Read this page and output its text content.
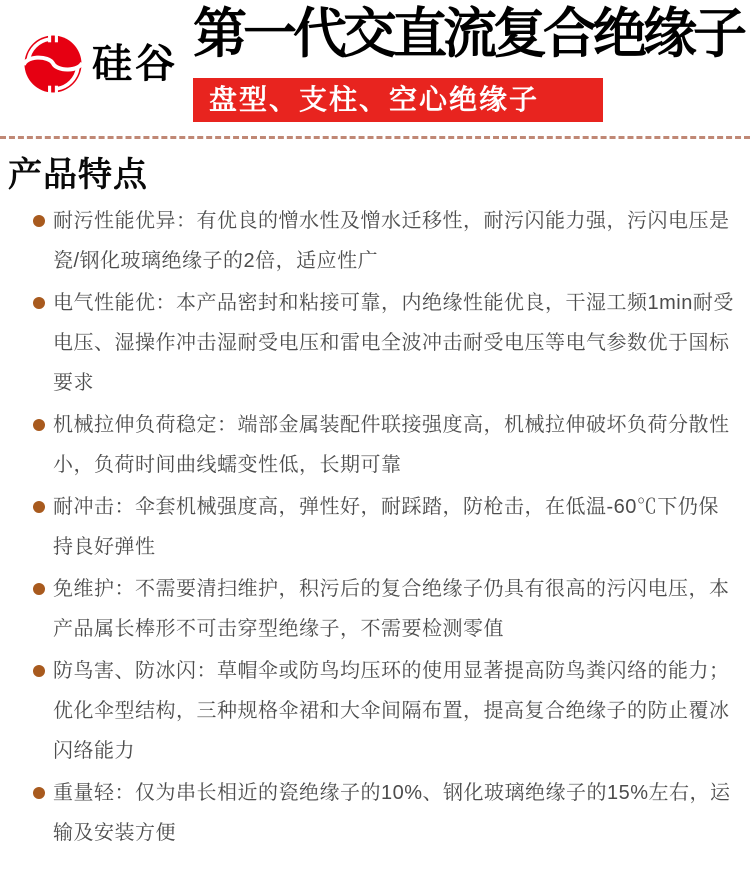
硅谷 第一代交直流复合绝缘子
盘型、支柱、空心绝缘子
产品特点
耐污性能优异：有优良的憎水性及憎水迁移性，耐污闪能力强，污闪电压是
瓷/钢化玻璃绝缘子的2倍，适应性广
电气性能优：本产品密封和粘接可靠，内绝缘性能优良，干湿工频1min耐受
电压、湿操作冲击湿耐受电压和雷电全波冲击耐受电压等电气参数优于国标
要求
机械拉伸负荷稳定：端部金属装配件联接强度高，机械拉伸破坏负荷分散性
小，负荷时间曲线蠕变性低，长期可靠
耐冲击：伞套机械强度高，弹性好，耐踩踏，防枪击，在低温-60℃下仍保
持良好弹性
免维护：不需要清扫维护，积污后的复合绝缘子仍具有很高的污闪电压，本
产品属长棒形不可击穿型绝缘子，不需要检测零值
防鸟害、防冰闪：草帽伞或防鸟均压环的使用显著提高防鸟粪闪络的能力；
优化伞型结构，三种规格伞裙和大伞间隔布置，提高复合绝缘子的防止覆冰
闪络能力
重量轻：仅为串长相近的瓷绝缘子的10%、钢化玻璃绝缘子的15%左右，运
输及安装方便
